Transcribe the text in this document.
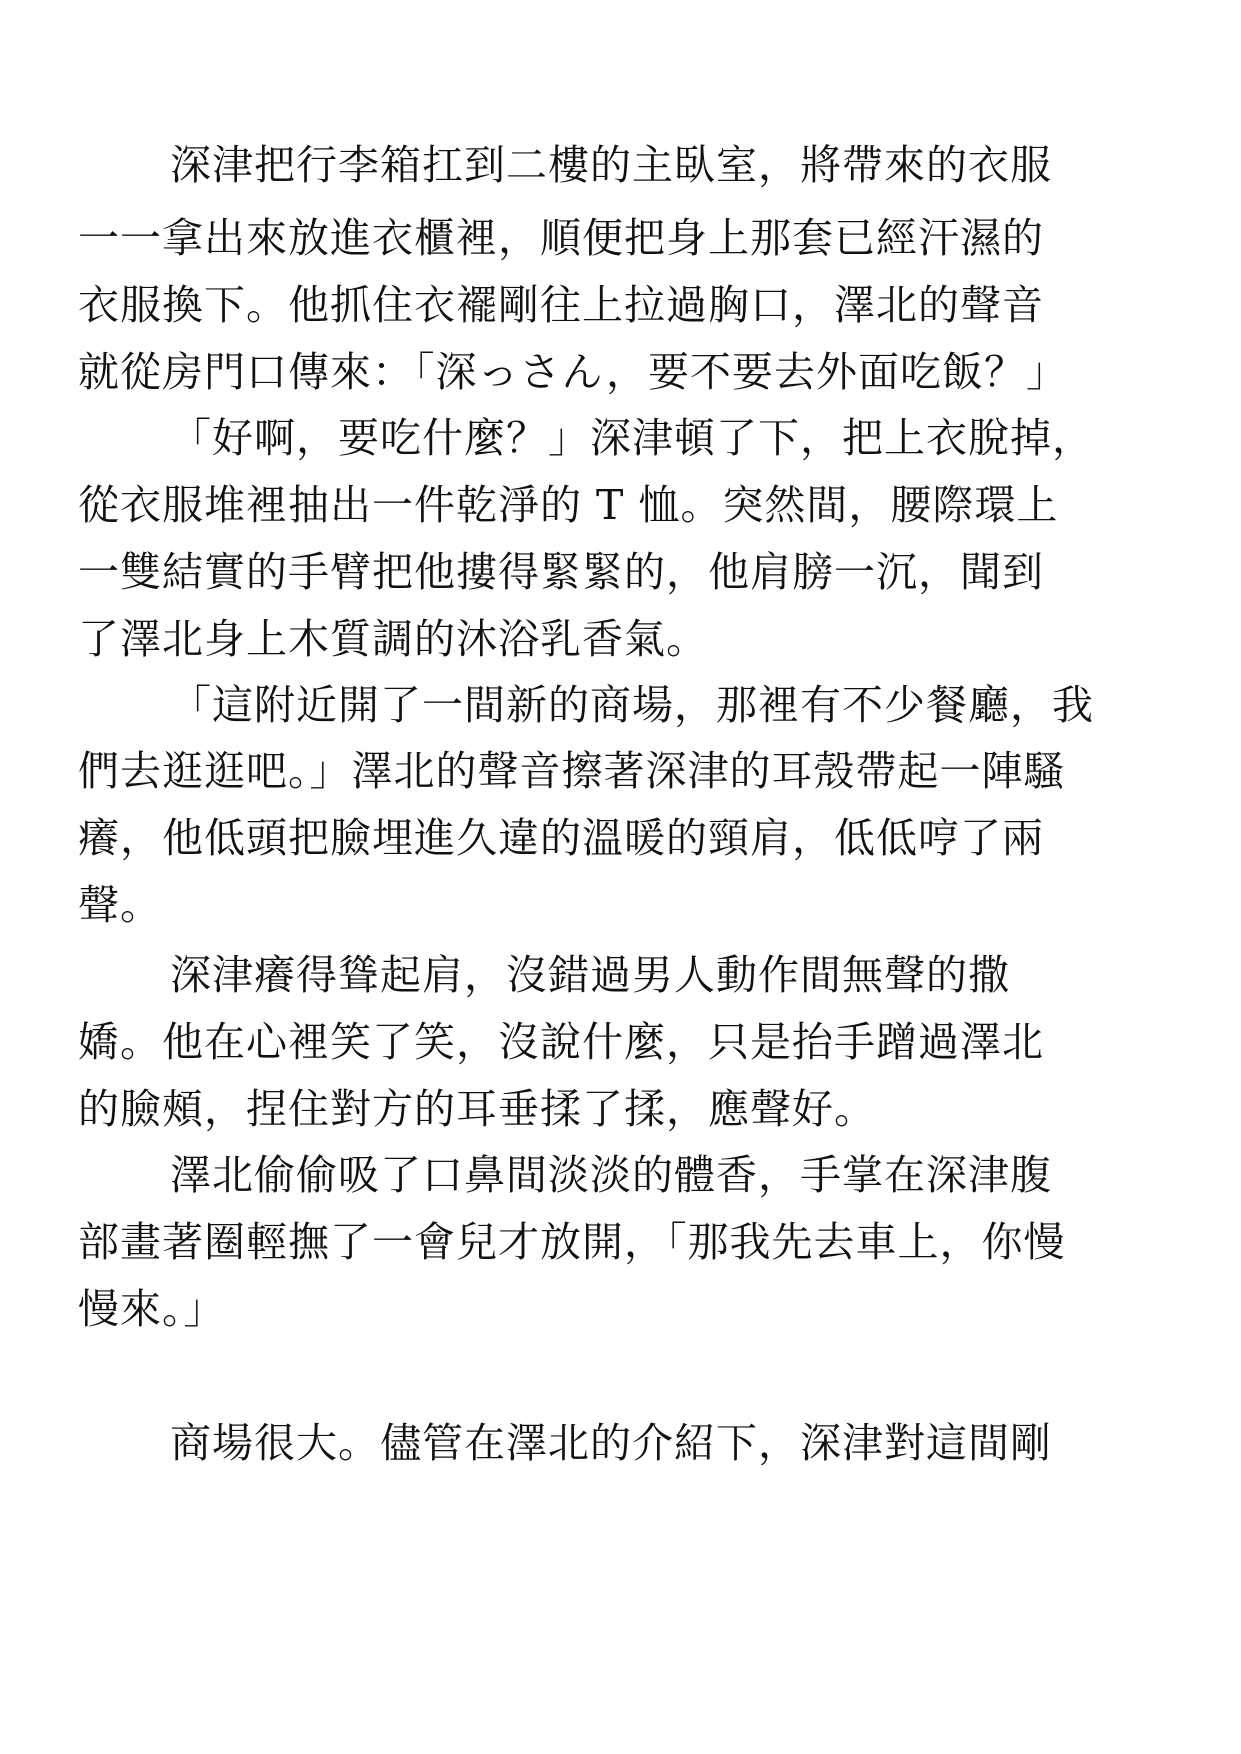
深津把行李箱扛到二樓的主臥室，將帶來的衣服
一一拿出來放進衣櫃裡，順便把身上那套已經汗濕的
衣服換下。他抓住衣襬剛往上拉過胸口，澤北的聲音
就從房門口傳來：「深っさん，要不要去外面吃飯？」
「好啊，要吃什麼？」深津頓了下，把上衣脫掉，
從衣服堆裡抽出一件乾淨的 T 恤。突然間，腰際環上
一雙結實的手臂把他摟得緊緊的，他肩膀一沉，聞到
了澤北身上木質調的沐浴乳香氣。
「這附近開了一間新的商場，那裡有不少餐廳，我
們去逛逛吧。」澤北的聲音擦著深津的耳殼帶起一陣騷
癢，他低頭把臉埋進久違的溫暖的頸肩，低低哼了兩
聲。
深津癢得聳起肩，沒錯過男人動作間無聲的撒
嬌。他在心裡笑了笑，沒說什麼，只是抬手蹭過澤北
的臉頰，捏住對方的耳垂揉了揉，應聲好。
澤北偷偷吸了口鼻間淡淡的體香，手掌在深津腹
部畫著圈輕撫了一會兒才放開，「那我先去車上，你慢
慢來。」
商場很大。儘管在澤北的介紹下，深津對這間剛
